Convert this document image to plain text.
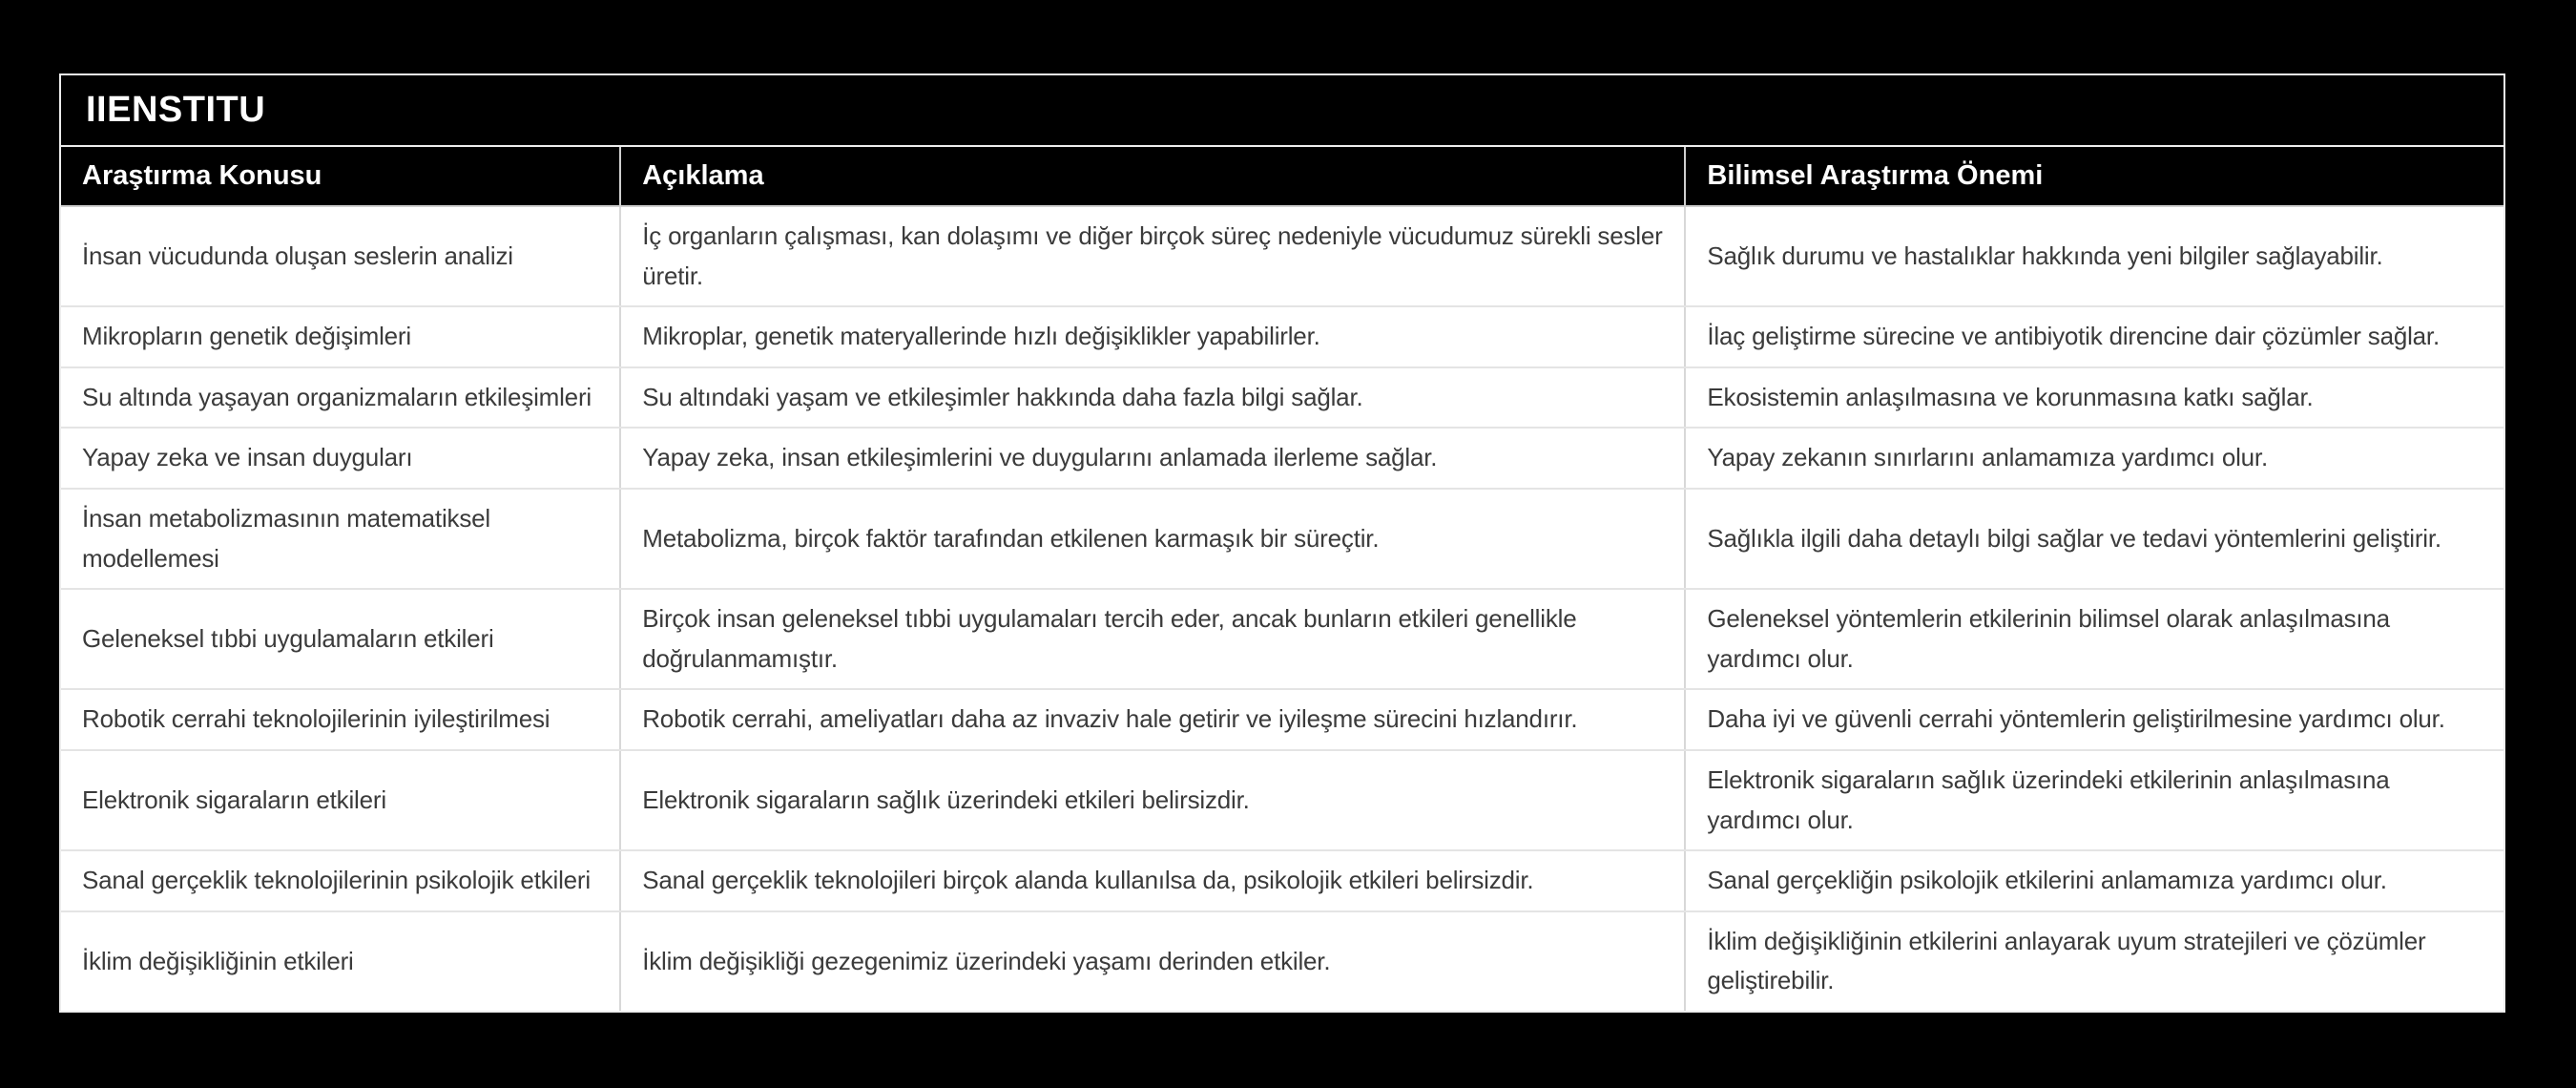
IIENSTITU
Araştırma Konusu	Açıklama	Bilimsel Araştırma Önemi
İnsan vücudunda oluşan seslerin analizi	İç organların çalışması, kan dolaşımı ve diğer birçok süreç nedeniyle vücudumuz sürekli sesler üretir.	Sağlık durumu ve hastalıklar hakkında yeni bilgiler sağlayabilir.
Mikropların genetik değişimleri	Mikroplar, genetik materyallerinde hızlı değişiklikler yapabilirler.	İlaç geliştirme sürecine ve antibiyotik direncine dair çözümler sağlar.
Su altında yaşayan organizmaların etkileşimleri	Su altındaki yaşam ve etkileşimler hakkında daha fazla bilgi sağlar.	Ekosistemin anlaşılmasına ve korunmasına katkı sağlar.
Yapay zeka ve insan duyguları	Yapay zeka, insan etkileşimlerini ve duygularını anlamada ilerleme sağlar.	Yapay zekanın sınırlarını anlamamıza yardımcı olur.
İnsan metabolizmasının matematiksel modellemesi	Metabolizma, birçok faktör tarafından etkilenen karmaşık bir süreçtir.	Sağlıkla ilgili daha detaylı bilgi sağlar ve tedavi yöntemlerini geliştirir.
Geleneksel tıbbi uygulamaların etkileri	Birçok insan geleneksel tıbbi uygulamaları tercih eder, ancak bunların etkileri genellikle doğrulanmamıştır.	Geleneksel yöntemlerin etkilerinin bilimsel olarak anlaşılmasına yardımcı olur.
Robotik cerrahi teknolojilerinin iyileştirilmesi	Robotik cerrahi, ameliyatları daha az invaziv hale getirir ve iyileşme sürecini hızlandırır.	Daha iyi ve güvenli cerrahi yöntemlerin geliştirilmesine yardımcı olur.
Elektronik sigaraların etkileri	Elektronik sigaraların sağlık üzerindeki etkileri belirsizdir.	Elektronik sigaraların sağlık üzerindeki etkilerinin anlaşılmasına yardımcı olur.
Sanal gerçeklik teknolojilerinin psikolojik etkileri	Sanal gerçeklik teknolojileri birçok alanda kullanılsa da, psikolojik etkileri belirsizdir.	Sanal gerçekliğin psikolojik etkilerini anlamamıza yardımcı olur.
İklim değişikliğinin etkileri	İklim değişikliği gezegenimiz üzerindeki yaşamı derinden etkiler.	İklim değişikliğinin etkilerini anlayarak uyum stratejileri ve çözümler geliştirebilir.
